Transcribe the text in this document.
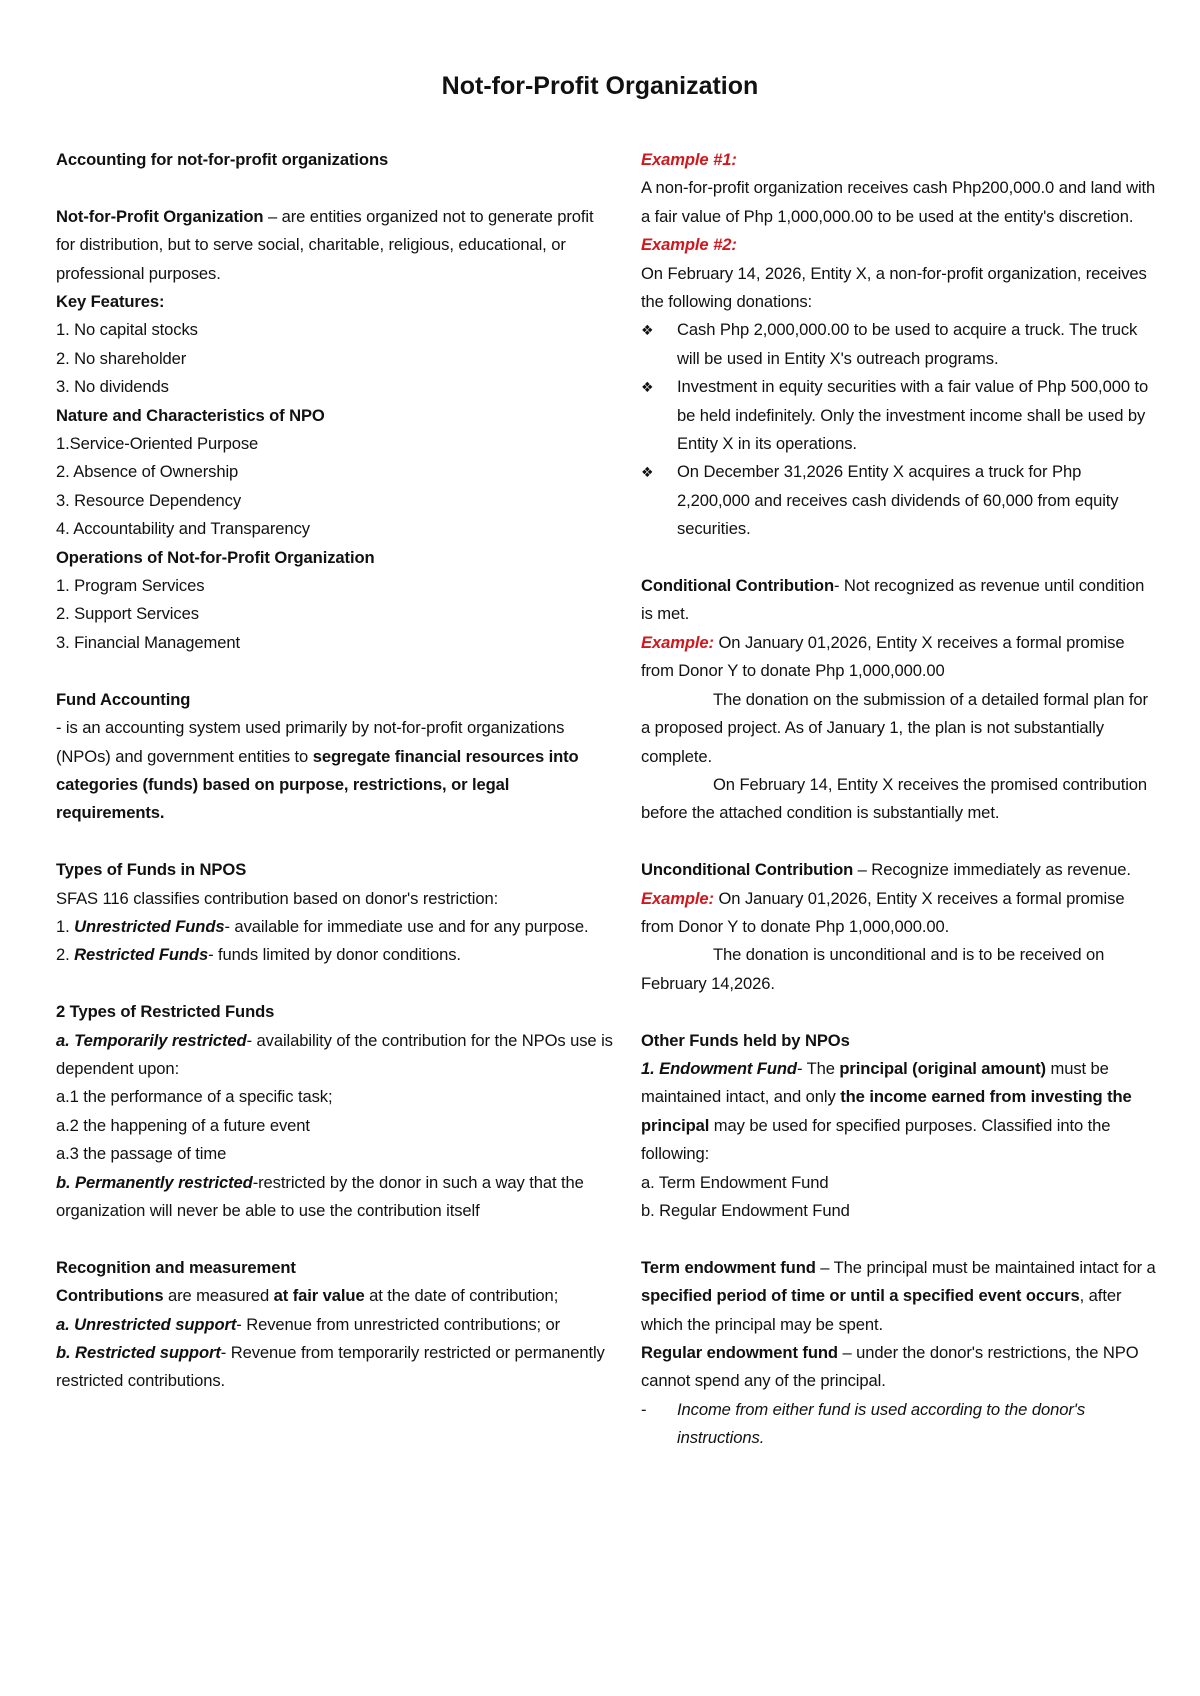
Not-for-Profit Organization
Accounting for not-for-profit organizations
Not-for-Profit Organization – are entities organized not to generate profit for distribution, but to serve social, charitable, religious, educational, or professional purposes.
Key Features:
1. No capital stocks
2. No shareholder
3. No dividends
Nature and Characteristics of NPO
1.Service-Oriented Purpose
2. Absence of Ownership
3. Resource Dependency
4. Accountability and Transparency
Operations of Not-for-Profit Organization
1. Program Services
2. Support Services
3. Financial Management
Fund Accounting
- is an accounting system used primarily by not-for-profit organizations (NPOs) and government entities to segregate financial resources into categories (funds) based on purpose, restrictions, or legal requirements.
Types of Funds in NPOS
SFAS 116 classifies contribution based on donor's restriction:
1. Unrestricted Funds- available for immediate use and for any purpose.
2. Restricted Funds- funds limited by donor conditions.
2 Types of Restricted Funds
a. Temporarily restricted- availability of the contribution for the NPOs use is dependent upon:
a.1 the performance of a specific task;
a.2 the happening of a future event
a.3 the passage of time
b. Permanently restricted-restricted by the donor in such a way that the organization will never be able to use the contribution itself
Recognition and measurement
Contributions are measured at fair value at the date of contribution;
a. Unrestricted support- Revenue from unrestricted contributions; or
b. Restricted support- Revenue from temporarily restricted or permanently restricted contributions.
Example #1:
A non-for-profit organization receives cash Php200,000.0 and land with a fair value of Php 1,000,000.00 to be used at the entity's discretion.
Example #2:
On February 14, 2026, Entity X, a non-for-profit organization, receives the following donations:
❖	Cash Php 2,000,000.00 to be used to acquire a truck. The truck will be used in Entity X's outreach programs.
❖	Investment in equity securities with a fair value of Php 500,000 to be held indefinitely. Only the investment income shall be used by Entity X in its operations.
❖	On December 31,2026 Entity X acquires a truck for Php 2,200,000 and receives cash dividends of 60,000 from equity securities.
Conditional Contribution- Not recognized as revenue until condition is met.
Example: On January 01,2026, Entity X receives a formal promise from Donor Y to donate Php 1,000,000.00
The donation on the submission of a detailed formal plan for a proposed project. As of January 1, the plan is not substantially complete.
On February 14, Entity X receives the promised contribution before the attached condition is substantially met.
Unconditional Contribution – Recognize immediately as revenue.
Example: On January 01,2026, Entity X receives a formal promise from Donor Y to donate Php 1,000,000.00.
The donation is unconditional and is to be received on February 14,2026.
Other Funds held by NPOs
1. Endowment Fund- The principal (original amount) must be maintained intact, and only the income earned from investing the principal may be used for specified purposes. Classified into the following:
a. Term Endowment Fund
b. Regular Endowment Fund
Term endowment fund – The principal must be maintained intact for a specified period of time or until a specified event occurs, after which the principal may be spent.
Regular endowment fund – under the donor's restrictions, the NPO cannot spend any of the principal.
-	Income from either fund is used according to the donor's instructions.
